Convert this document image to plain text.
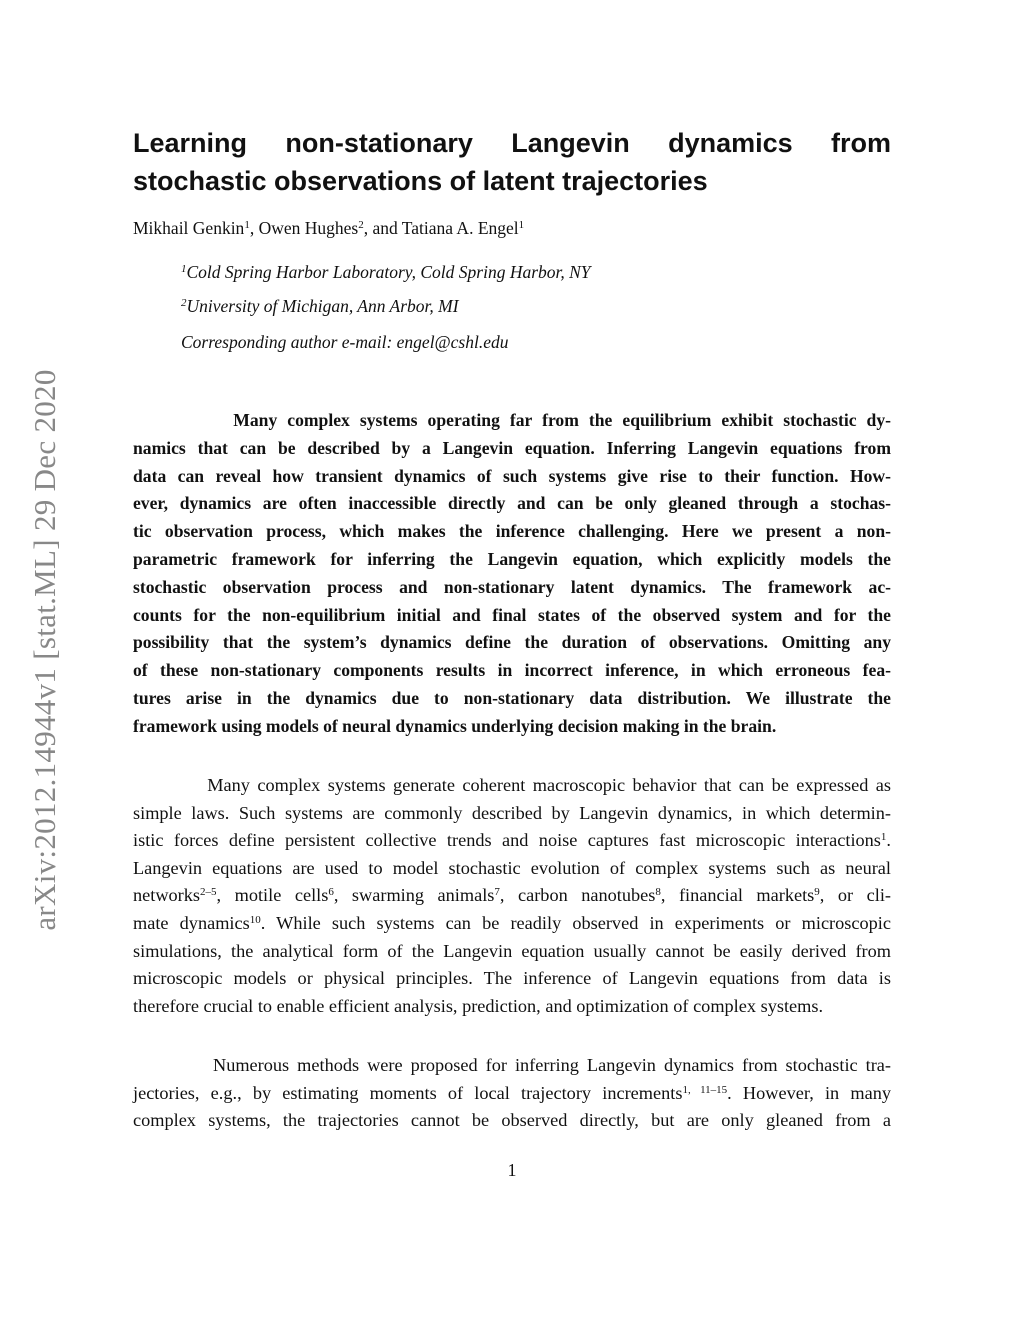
arXiv:2012.14944v1 [stat.ML] 29 Dec 2020
Learning non-stationary Langevin dynamics from
stochastic observations of latent trajectories
Mikhail Genkin$^1$, Owen Hughes$^2$, and Tatiana A. Engel$^1$
$^1$Cold Spring Harbor Laboratory, Cold Spring Harbor, NY
$^2$University of Michigan, Ann Arbor, MI
Corresponding author e-mail: engel@cshl.edu
Many complex systems operating far from the equilibrium exhibit stochastic dy-
namics that can be described by a Langevin equation. Inferring Langevin equations from
data can reveal how transient dynamics of such systems give rise to their function. How-
ever, dynamics are often inaccessible directly and can be only gleaned through a stochas-
tic observation process, which makes the inference challenging. Here we present a non-
parametric framework for inferring the Langevin equation, which explicitly models the
stochastic observation process and non-stationary latent dynamics. The framework ac-
counts for the non-equilibrium initial and final states of the observed system and for the
possibility that the system’s dynamics define the duration of observations. Omitting any
of these non-stationary components results in incorrect inference, in which erroneous fea-
tures arise in the dynamics due to non-stationary data distribution. We illustrate the
framework using models of neural dynamics underlying decision making in the brain.
Many complex systems generate coherent macroscopic behavior that can be expressed as
simple laws. Such systems are commonly described by Langevin dynamics, in which determin-
istic forces define persistent collective trends and noise captures fast microscopic interactions$^1$.
Langevin equations are used to model stochastic evolution of complex systems such as neural
networks$^{2-5}$, motile cells$^6$, swarming animals$^7$, carbon nanotubes$^8$, financial markets$^9$, or cli-
mate dynamics$^{10}$. While such systems can be readily observed in experiments or microscopic
simulations, the analytical form of the Langevin equation usually cannot be easily derived from
microscopic models or physical principles. The inference of Langevin equations from data is
therefore crucial to enable efficient analysis, prediction, and optimization of complex systems.
Numerous methods were proposed for inferring Langevin dynamics from stochastic tra-
jectories, e.g., by estimating moments of local trajectory increments$^{1, 11-15}$. However, in many
complex systems, the trajectories cannot be observed directly, but are only gleaned from a
1
